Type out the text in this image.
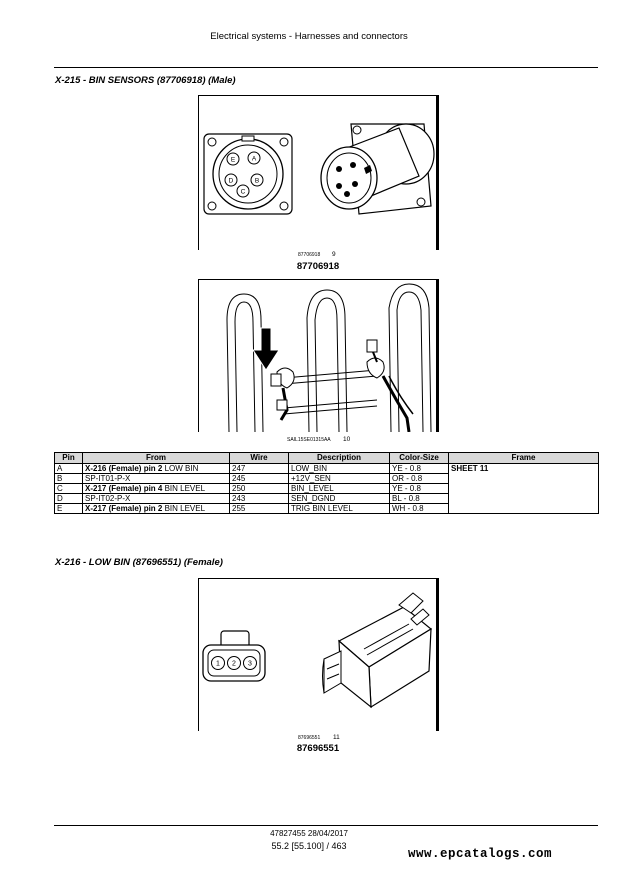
Electrical systems - Harnesses and connectors
X-215 - BIN SENSORS (87706918) (Male)
E	A
D	B
C
87706918 9
87706918
SAIL15SE01315AA 10
Pin	From	Wire	Description	Color-Size	Frame
A	X-216 (Female) pin 2 LOW BIN	247	LOW_BIN	YE - 0.8	SHEET 11
B	SP-IT01-P-X	245	+12V_SEN	OR - 0.8	
C	X-217 (Female) pin 4 BIN LEVEL	250	BIN_LEVEL	YE - 0.8	
D	SP-IT02-P-X	243	SEN_DGND	BL - 0.8	
E	X-217 (Female) pin 2 BIN LEVEL	255	TRIG BIN LEVEL	WH - 0.8	
X-216 - LOW BIN (87696551) (Female)
1 2 3
87696551 11
87696551
47827455 28/04/2017
55.2 [55.100] / 463
www.epcatalogs.com
